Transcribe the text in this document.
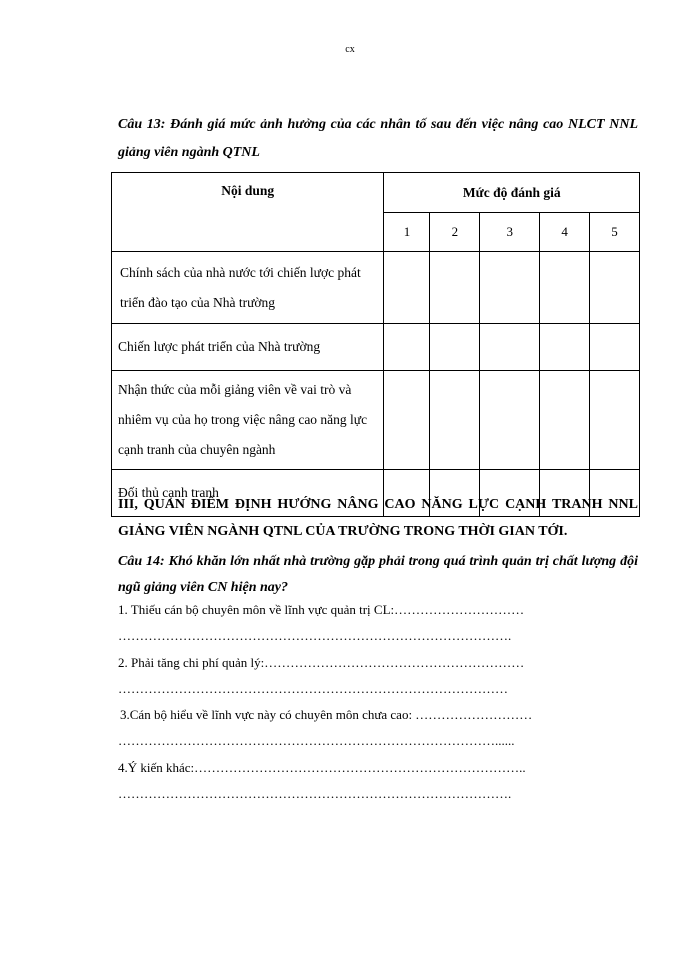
cx
Câu 13: Đánh giá mức ảnh hưởng của các nhân tố sau đến việc nâng cao NLCT NNL giảng viên ngành QTNL
Nội dung	Mức độ đánh giá				
	1	2	3	4	5
Chính sách của nhà nước tới chiến lược phát triển đào tạo của Nhà trường					
Chiến lược phát triển của Nhà trường					
Nhận thức của mỗi giảng viên về vai trò và nhiêm vụ của họ trong việc nâng cao năng lực cạnh tranh của chuyên ngành					
Đối thủ cạnh tranh					
III, QUAN ĐIỂM ĐỊNH HƯỚNG NÂNG CAO NĂNG LỰC CẠNH TRANH NNL GIẢNG VIÊN NGÀNH QTNL CỦA TRƯỜNG TRONG THỜI GIAN TỚI.
Câu 14: Khó khăn lớn nhất nhà trường gặp phải trong quá trình quản trị chất lượng đội ngũ giảng viên CN hiện nay?
1. Thiếu cán bộ chuyên môn về lĩnh vực quản trị CL:…………………………
……………………………………………………………………………….
2. Phải tăng chi phí quản lý:……………………………………………………
………………………………………………………………………………
3.Cán bộ hiểu về lĩnh vực này có chuyên môn chưa cao: ………………………
……………………………………………………………………………......
4.Ý kiến khác:…………………………………………………………………..
……………………………………………………………………………….
